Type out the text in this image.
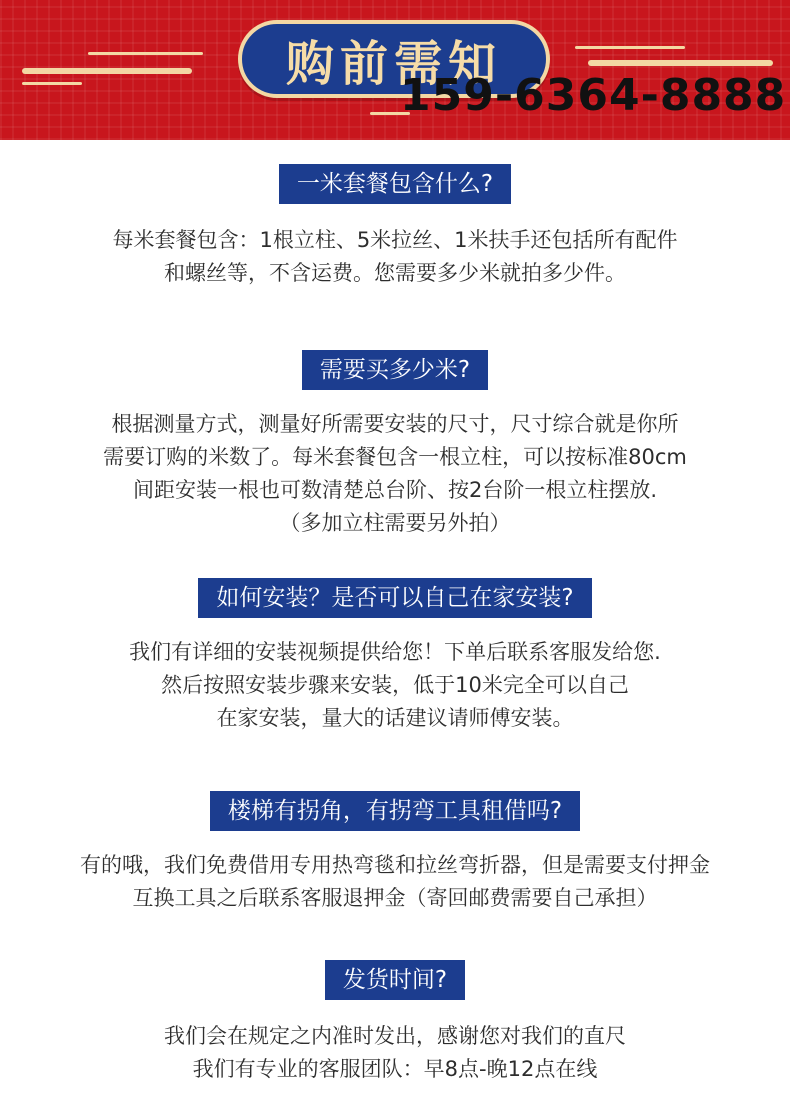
购前需知
159-6364-8888
一米套餐包含什么?
每米套餐包含：1根立柱、5米拉丝、1米扶手还包括所有配件
和螺丝等，不含运费。您需要多少米就拍多少件。
需要买多少米?
根据测量方式，测量好所需要安装的尺寸，尺寸综合就是你所
需要订购的米数了。每米套餐包含一根立柱，可以按标准80cm
间距安装一根也可数清楚总台阶、按2台阶一根立柱摆放.
（多加立柱需要另外拍）
如何安装？是否可以自己在家安装?
我们有详细的安装视频提供给您！下单后联系客服发给您.
然后按照安装步骤来安装，低于10米完全可以自己
在家安装，量大的话建议请师傅安装。
楼梯有拐角，有拐弯工具租借吗?
有的哦，我们免费借用专用热弯毯和拉丝弯折器，但是需要支付押金
互换工具之后联系客服退押金（寄回邮费需要自己承担）
发货时间?
我们会在规定之内准时发出，感谢您对我们的直尺
我们有专业的客服团队：早8点-晚12点在线
